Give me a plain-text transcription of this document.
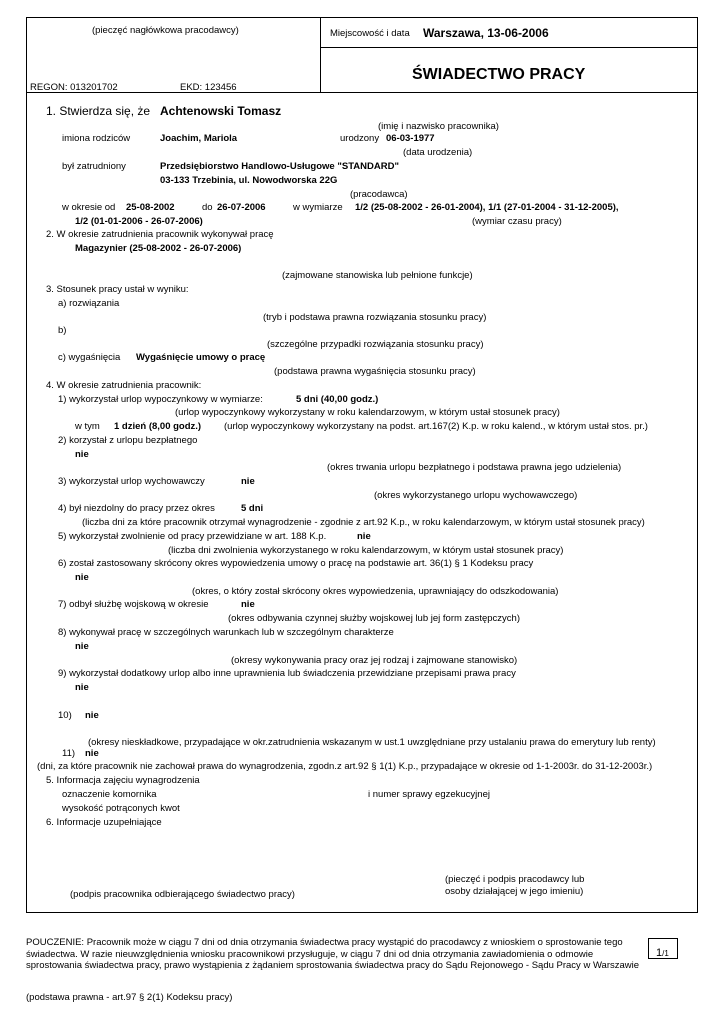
(pieczęć nagłówkowa pracodawcy)	Miejscowość i data Warszawa, 13-06-2006
REGON: 013201702	EKD: 123456
ŚWIADECTWO PRACY
1. Stwierdza się, że Achtenowski Tomasz
(imię i nazwisko pracownika)
imiona rodziców	Joachim, Mariola	urodzony 06-03-1977
(data urodzenia)
był zatrudniony	Przedsiębiorstwo Handlowo-Usługowe "STANDARD"
03-133 Trzebinia, ul. Nowodworska 22G
(pracodawca)
w okresie od 25-08-2002	do 26-07-2006	w wymiarze 1/2 (25-08-2002 - 26-01-2004), 1/1 (27-01-2004 - 31-12-2005),
1/2 (01-01-2006 - 26-07-2006)	(wymiar czasu pracy)
2. W okresie zatrudnienia pracownik wykonywał pracę
Magazynier (25-08-2002 - 26-07-2006)
(zajmowane stanowiska lub pełnione funkcje)
3. Stosunek pracy ustał w wyniku:
a) rozwiązania
(tryb i podstawa prawna rozwiązania stosunku pracy)
b)
(szczególne przypadki rozwiązania stosunku pracy)
c) wygaśnięcia Wygaśnięcie umowy o pracę
(podstawa prawna wygaśnięcia stosunku pracy)
4. W okresie zatrudnienia pracownik:
1) wykorzystał urlop wypoczynkowy w wymiarze:	5 dni (40,00 godz.)
(urlop wypoczynkowy wykorzystany w roku kalendarzowym, w którym ustał stosunek pracy)
w tym 1 dzień (8,00 godz.) (urlop wypoczynkowy wykorzystany na podst. art.167(2) K.p. w roku kalend., w którym ustał stos. pr.)
2) korzystał z urlopu bezpłatnego
nie
(okres trwania urlopu bezpłatnego i podstawa prawna jego udzielenia)
3) wykorzystał urlop wychowawczy	nie
(okres wykorzystanego urlopu wychowawczego)
4) był niezdolny do pracy przez okres	5 dni
(liczba dni za które pracownik otrzymał wynagrodzenie - zgodnie z art.92 K.p., w roku kalendarzowym, w którym ustał stosunek pracy)
5) wykorzystał zwolnienie od pracy przewidziane w art. 188 K.p.	nie
(liczba dni zwolnienia wykorzystanego w roku kalendarzowym, w którym ustał stosunek pracy)
6) został zastosowany skrócony okres wypowiedzenia umowy o pracę na podstawie art. 36(1) § 1 Kodeksu pracy
nie
(okres, o który został skrócony okres wypowiedzenia, uprawniający do odszkodowania)
7) odbył służbę wojskową w okresie	nie
(okres odbywania czynnej służby wojskowej lub jej form zastępczych)
8) wykonywał pracę w szczególnych warunkach lub w szczególnym charakterze
nie
(okresy wykonywania pracy oraz jej rodzaj i zajmowane stanowisko)
9) wykorzystał dodatkowy urlop albo inne uprawnienia lub świadczenia przewidziane przepisami prawa pracy
nie
10) nie
(okresy nieskładkowe, przypadające w okr.zatrudnienia wskazanym w ust.1 uwzględniane przy ustalaniu prawa do emerytury lub renty)
11) nie
(dni, za które pracownik nie zachował prawa do wynagrodzenia, zgodn.z art.92 § 1(1) K.p., przypadające w okresie od 1-1-2003r. do 31-12-2003r.)
5. Informacja zajęciu wynagrodzenia
oznaczenie komornika	i numer sprawy egzekucyjnej
wysokość potrąconych kwot
6. Informacje uzupełniające
(pieczęć i podpis pracodawcy lub
osoby działającej w jego imieniu)
(podpis pracownika odbierającego świadectwo pracy)
POUCZENIE: Pracownik może w ciągu 7 dni od dnia otrzymania świadectwa pracy wystąpić do pracodawcy z wnioskiem o sprostowanie tego świadectwa. W razie nieuwzględnienia wniosku pracownikowi przysługuje, w ciągu 7 dni od dnia otrzymania zawiadomienia o odmowie sprostowania świadectwa pracy, prawo wystąpienia z żądaniem sprostowania świadectwa pracy do Sądu Rejonowego - Sądu Pracy w Warszawie
1/1
(podstawa prawna - art.97 § 2(1) Kodeksu pracy)
